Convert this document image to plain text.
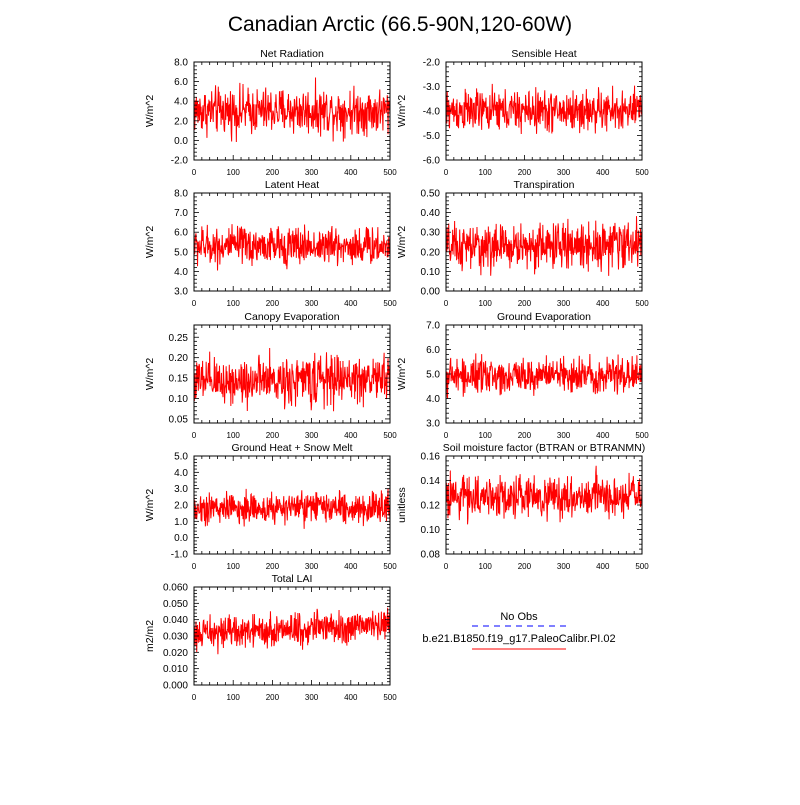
Canadian Arctic (66.5-90N,120-60W)
0	100	200	300	400	500
-2.0
0.0
2.0
4.0
6.0
8.0
Net Radiation
W/m^2
0	100	200	300	400	500
-6.0
-5.0
-4.0
-3.0
-2.0
Sensible Heat
W/m^2
0	100	200	300	400	500
3.0
4.0
5.0
6.0
7.0
8.0
Latent Heat
W/m^2
0	100	200	300	400	500
0.00
0.10
0.20
0.30
0.40
0.50
Transpiration
W/m^2
0	100	200	300	400	500
0.05
0.10
0.15
0.20
0.25
Canopy Evaporation
W/m^2
0	100	200	300	400	500
3.0
4.0
5.0
6.0
7.0
Ground Evaporation
W/m^2
0	100	200	300	400	500
-1.0
0.0
1.0
2.0
3.0
4.0
5.0
Ground Heat + Snow Melt
W/m^2
0	100	200	300	400	500
0.08
0.10
0.12
0.14
0.16
Soil moisture factor (BTRAN or BTRANMN)
unitless
0	100	200	300	400	500
0.000
0.010
0.020
0.030
0.040
0.050
0.060
Total LAI
m2/m2
No Obs
b.e21.B1850.f19_g17.PaleoCalibr.PI.02
